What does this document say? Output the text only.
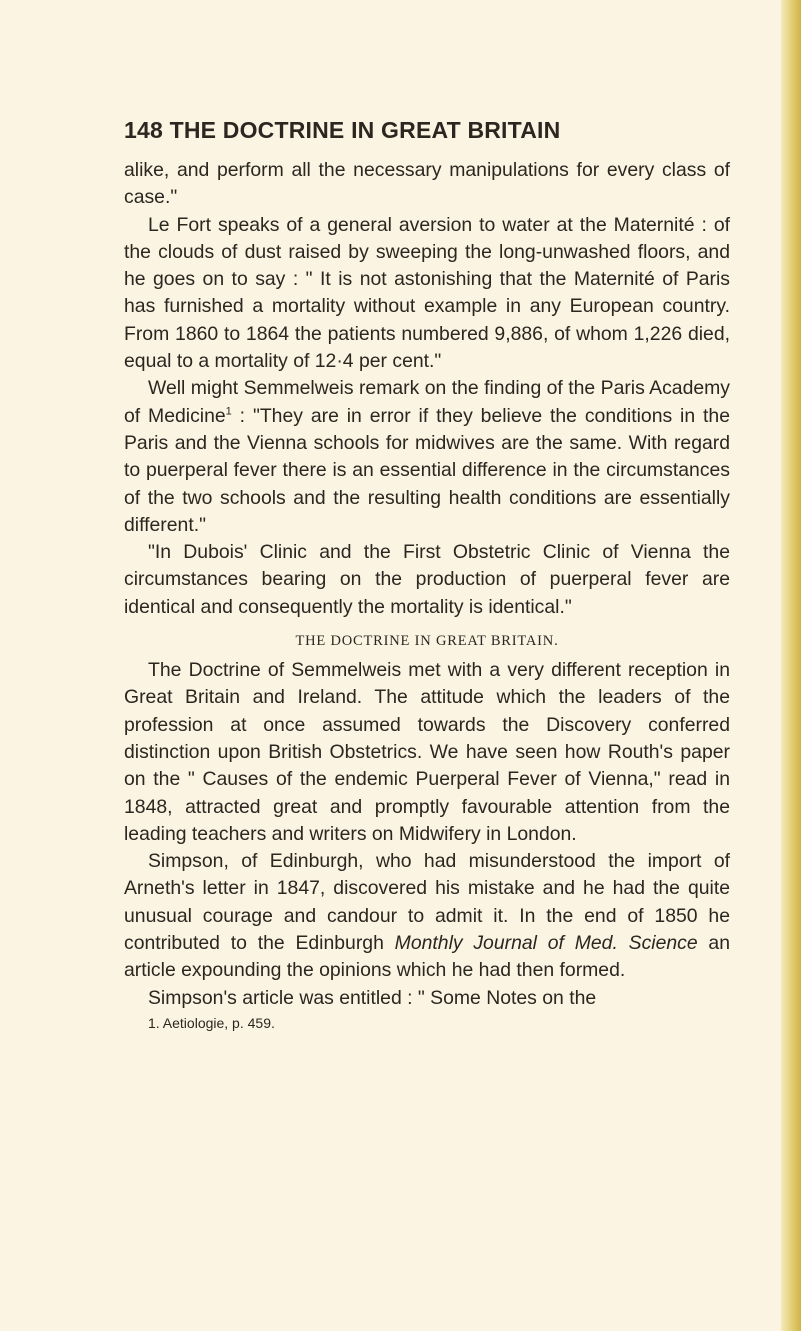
148 THE DOCTRINE IN GREAT BRITAIN

alike, and perform all the necessary manipulations for every class of case."

Le Fort speaks of a general aversion to water at the Maternité : of the clouds of dust raised by sweeping the long-unwashed floors, and he goes on to say : " It is not astonishing that the Maternité of Paris has furnished a mortality without example in any European country. From 1860 to 1864 the patients numbered 9,886, of whom 1,226 died, equal to a mortality of 12·4 per cent."

Well might Semmelweis remark on the finding of the Paris Academy of Medicine$^1$ : "They are in error if they believe the conditions in the Paris and the Vienna schools for midwives are the same. With regard to puerperal fever there is an essential difference in the circumstances of the two schools and the resulting health conditions are essentially different."

"In Dubois' Clinic and the First Obstetric Clinic of Vienna the circumstances bearing on the production of puerperal fever are identical and consequently the mortality is identical."

THE DOCTRINE IN GREAT BRITAIN.

The Doctrine of Semmelweis met with a very different reception in Great Britain and Ireland. The attitude which the leaders of the profession at once assumed towards the Discovery conferred distinction upon British Obstetrics. We have seen how Routh's paper on the " Causes of the endemic Puerperal Fever of Vienna," read in 1848, attracted great and promptly favourable attention from the leading teachers and writers on Midwifery in London.

Simpson, of Edinburgh, who had misunderstood the import of Arneth's letter in 1847, discovered his mistake and he had the quite unusual courage and candour to admit it. In the end of 1850 he contributed to the Edinburgh Monthly Journal of Med. Science an article expounding the opinions which he had then formed.

Simpson's article was entitled : " Some Notes on the

1. Aetiologie, p. 459.
